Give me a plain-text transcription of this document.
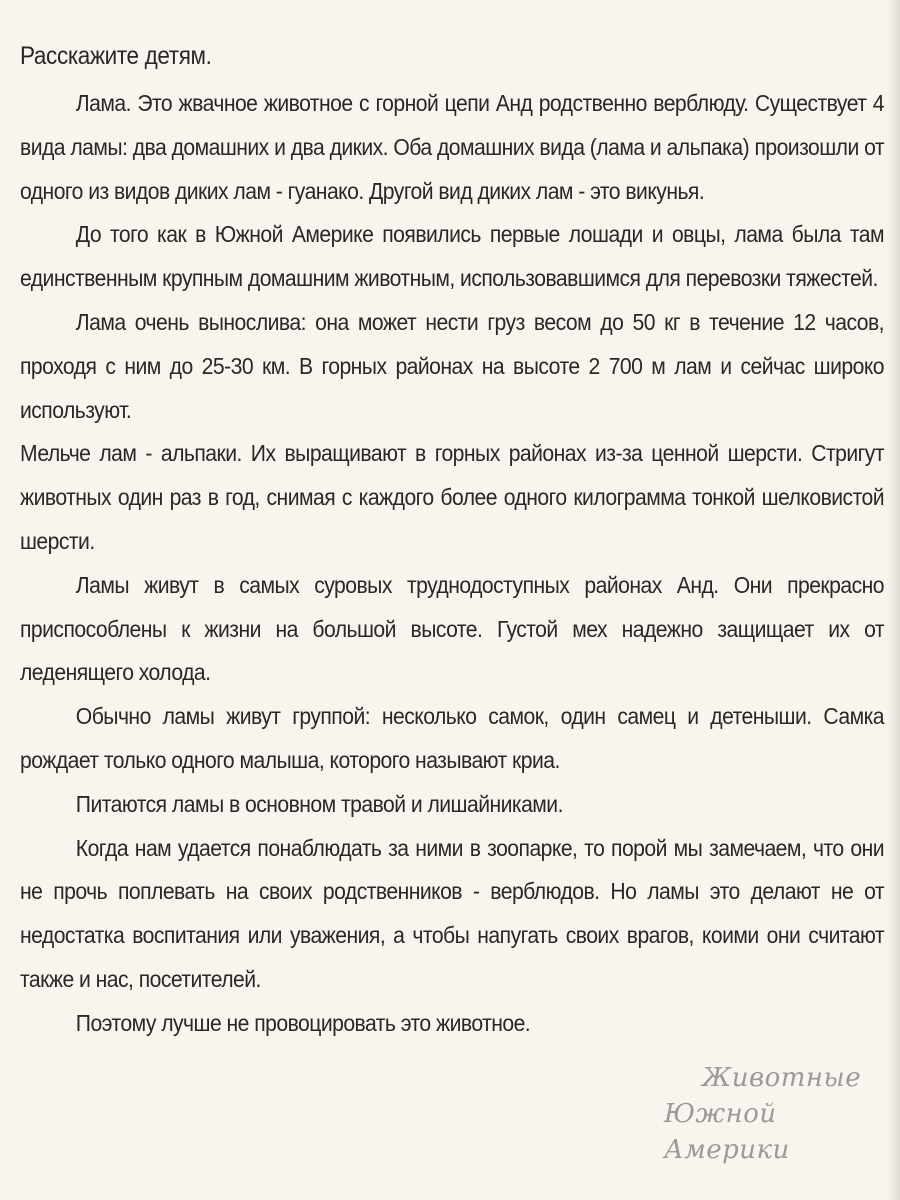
Расскажите детям.

Лама. Это жвачное животное с горной цепи Анд родственно верблюду. Существует 4 вида ламы: два домашних и два диких. Оба домашних вида (лама и альпака) произошли от одного из видов диких лам - гуанако. Другой вид диких лам - это викунья.

До того как в Южной Америке появились первые лошади и овцы, лама была там единственным крупным домашним животным, использовавшимся для перевозки тяжестей.

Лама очень вынослива: она может нести груз весом до 50 кг в течение 12 часов, проходя с ним до 25-30 км. В горных районах на высоте 2 700 м лам и сейчас широко используют.

Мельче лам - альпаки. Их выращивают в горных районах из-за ценной шерсти. Стригут животных один раз в год, снимая с каждого более одного килограмма тонкой шелковистой шерсти.

Ламы живут в самых суровых труднодоступных районах Анд. Они прекрасно приспособлены к жизни на большой высоте. Густой мех надежно защищает их от леденящего холода.

Обычно ламы живут группой: несколько самок, один самец и детеныши. Самка рождает только одного малыша, которого называют криа.

Питаются ламы в основном травой и лишайниками.

Когда нам удается понаблюдать за ними в зоопарке, то порой мы замечаем, что они не прочь поплевать на своих родственников - верблюдов. Но ламы это делают не от недостатка воспитания или уважения, а чтобы напугать своих врагов, коими они считают также и нас, посетителей.

Поэтому лучше не провоцировать это животное.

Животные
Южной Америки
